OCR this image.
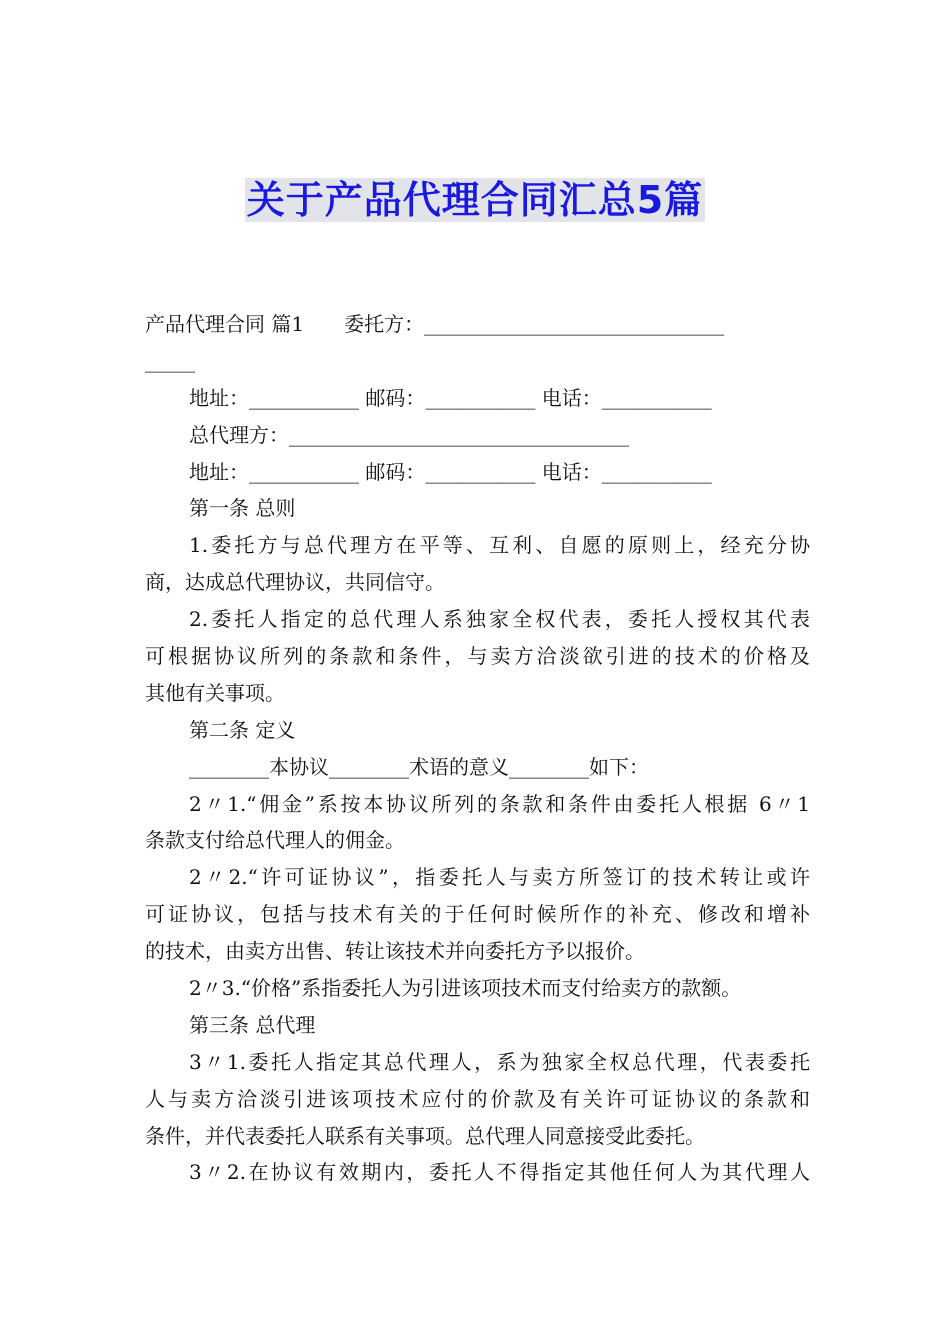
关于产品代理合同汇总5篇
产品代理合同 篇1　　委托方：______________________________
_____
地址：___________ 邮码：___________ 电话：___________
总代理方：__________________________________
地址：___________ 邮码：___________ 电话：___________
第一条 总则
1.委托方与总代理方在平等、互利、自愿的原则上，经充分协
商，达成总代理协议，共同信守。
2.委托人指定的总代理人系独家全权代表，委托人授权其代表
可根据协议所列的条款和条件，与卖方洽淡欲引进的技术的价格及
其他有关事项。
第二条 定义
________本协议________术语的意义________如下：
2〃1.“佣金”系按本协议所列的条款和条件由委托人根据 6〃1
条款支付给总代理人的佣金。
2〃2.“许可证协议”，指委托人与卖方所签订的技术转让或许
可证协议，包括与技术有关的于任何时候所作的补充、修改和增补
的技术，由卖方出售、转让该技术并向委托方予以报价。
2〃3.“价格”系指委托人为引进该项技术而支付给卖方的款额。
第三条 总代理
3〃1.委托人指定其总代理人，系为独家全权总代理，代表委托
人与卖方洽淡引进该项技术应付的价款及有关许可证协议的条款和
条件，并代表委托人联系有关事项。总代理人同意接受此委托。
3〃2.在协议有效期内，委托人不得指定其他任何人为其代理人
